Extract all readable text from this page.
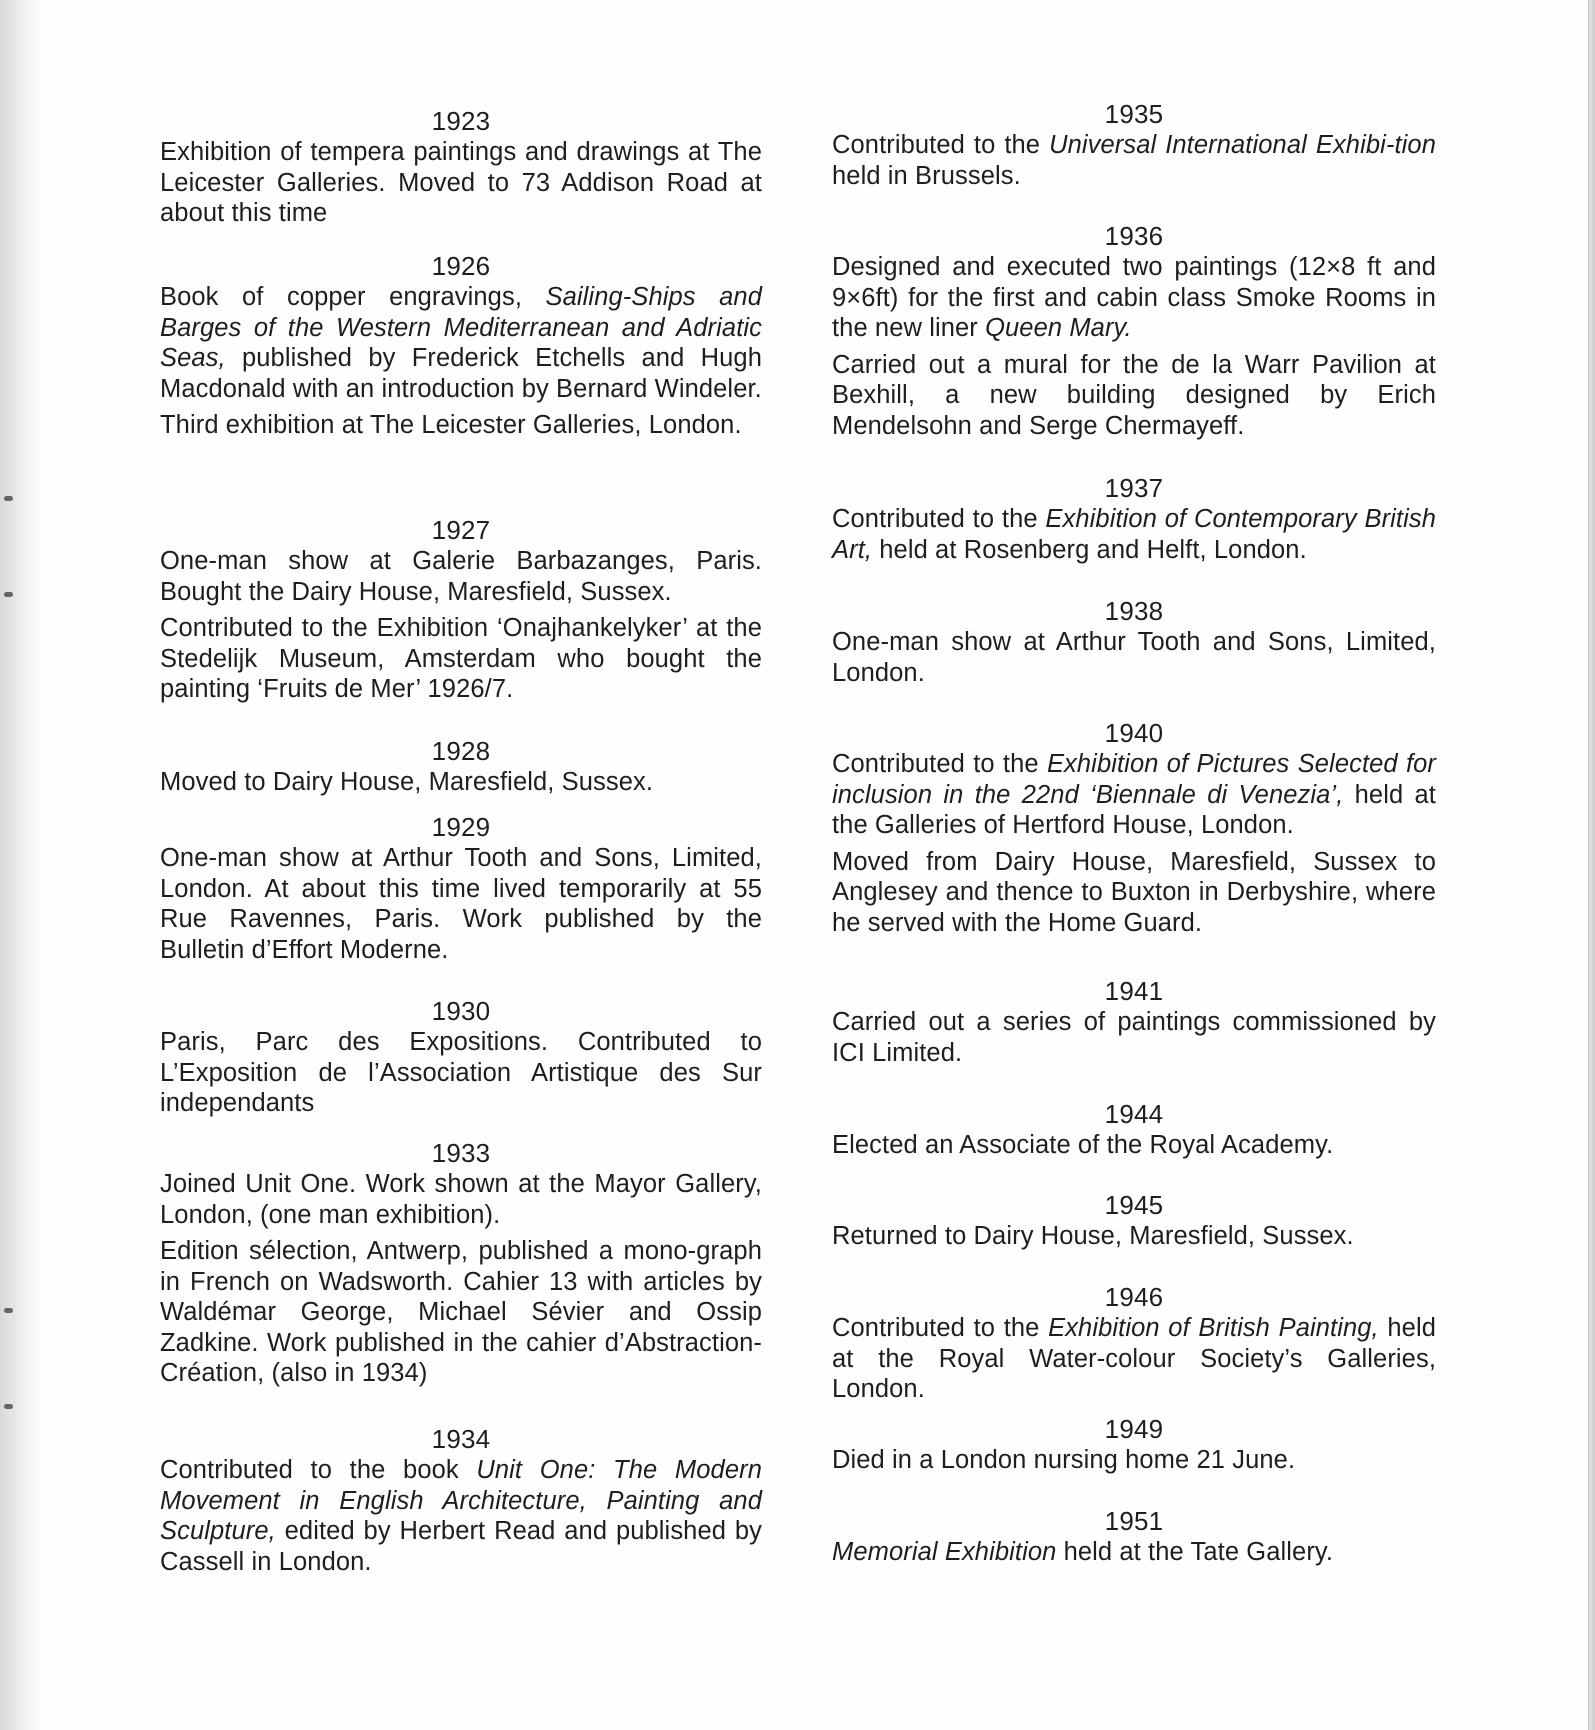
1923

Exhibition of tempera paintings and drawings at The Leicester Galleries. Moved to 73 Addison Road at about this time

1926

Book of copper engravings, Sailing-Ships and Barges of the Western Mediterranean and Adriatic Seas, published by Frederick Etchells and Hugh Macdonald with an introduction by Bernard Windeler.

Third exhibition at The Leicester Galleries, London.

1927

One-man show at Galerie Barbazanges, Paris. Bought the Dairy House, Maresfield, Sussex.

Contributed to the Exhibition ‘Onajhankelyker’ at the Stedelijk Museum, Amsterdam who bought the painting ‘Fruits de Mer’ 1926/7.

1928

Moved to Dairy House, Maresfield, Sussex.

1929

One-man show at Arthur Tooth and Sons, Limited, London. At about this time lived temporarily at 55 Rue Ravennes, Paris. Work published by the Bulletin d’Effort Moderne.

1930

Paris, Parc des Expositions. Contributed to L’Exposition de l’Association Artistique des Sur independants

1933

Joined Unit One. Work shown at the Mayor Gallery, London, (one man exhibition).

Edition sélection, Antwerp, published a mono-graph in French on Wadsworth. Cahier 13 with articles by Waldémar George, Michael Sévier and Ossip Zadkine. Work published in the cahier d’Abstraction-Création, (also in 1934)

1934

Contributed to the book Unit One: The Modern Movement in English Architecture, Painting and Sculpture, edited by Herbert Read and published by Cassell in London.

1935

Contributed to the Universal International Exhibi-tion held in Brussels.

1936

Designed and executed two paintings (12×8 ft and 9×6ft) for the first and cabin class Smoke Rooms in the new liner Queen Mary.

Carried out a mural for the de la Warr Pavilion at Bexhill, a new building designed by Erich Mendelsohn and Serge Chermayeff.

1937

Contributed to the Exhibition of Contemporary British Art, held at Rosenberg and Helft, London.

1938

One-man show at Arthur Tooth and Sons, Limited, London.

1940

Contributed to the Exhibition of Pictures Selected for inclusion in the 22nd ‘Biennale di Venezia’, held at the Galleries of Hertford House, London.

Moved from Dairy House, Maresfield, Sussex to Anglesey and thence to Buxton in Derbyshire, where he served with the Home Guard.

1941

Carried out a series of paintings commissioned by ICI Limited.

1944

Elected an Associate of the Royal Academy.

1945

Returned to Dairy House, Maresfield, Sussex.

1946

Contributed to the Exhibition of British Painting, held at the Royal Water-colour Society’s Galleries, London.

1949

Died in a London nursing home 21 June.

1951

Memorial Exhibition held at the Tate Gallery.
